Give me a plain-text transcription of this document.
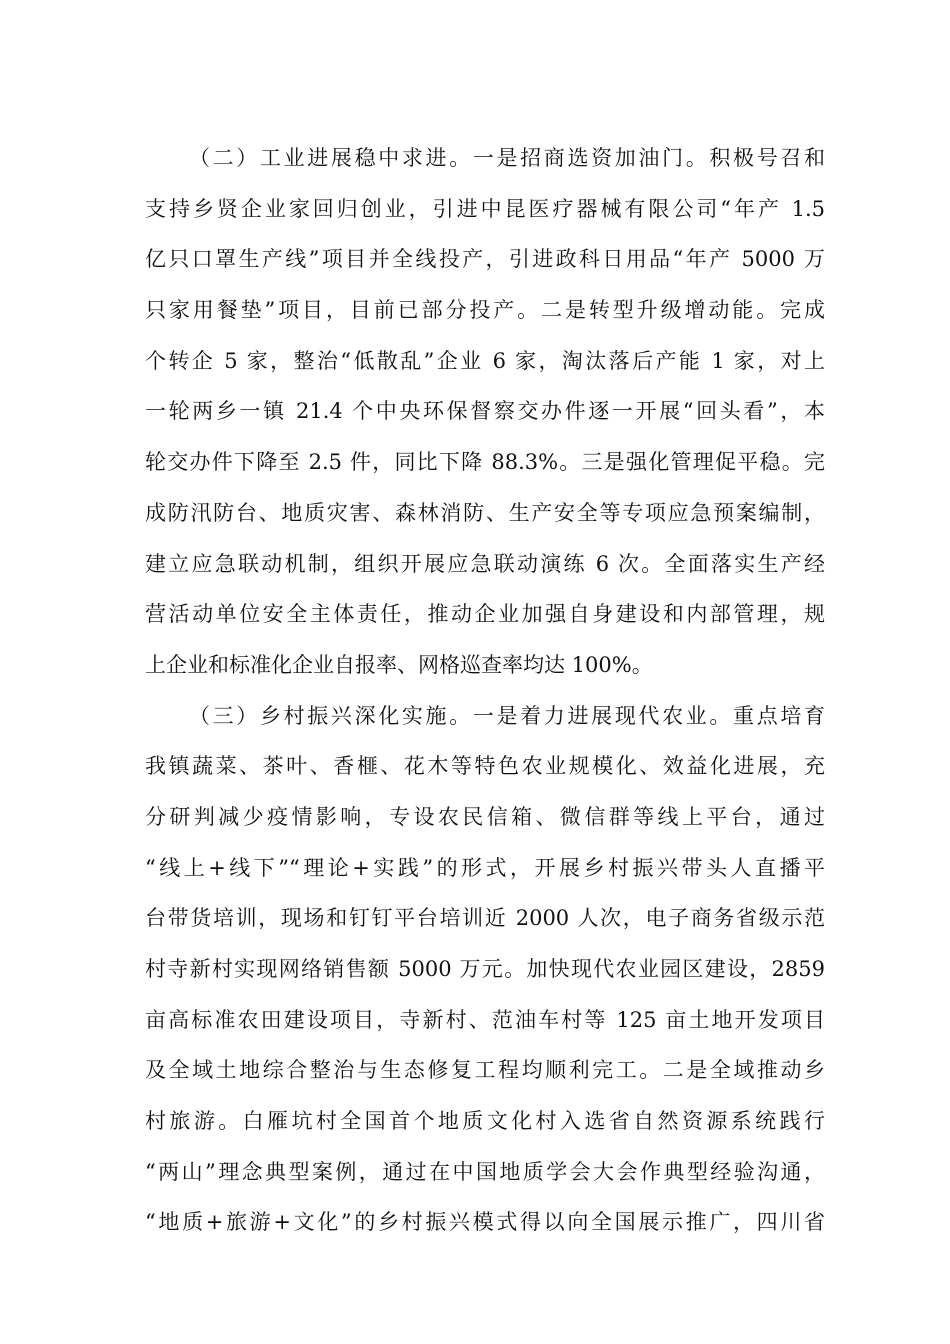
（二）工业进展稳中求进。一是招商选资加油门。积极号召和
支持乡贤企业家回归创业，引进中昆医疗器械有限公司“年产 1.5
亿只口罩生产线”项目并全线投产，引进政科日用品“年产 5000 万
只家用餐垫”项目，目前已部分投产。二是转型升级增动能。完成
个转企 5 家，整治“低散乱”企业 6 家，淘汰落后产能 1 家，对上
一轮两乡一镇 21.4 个中央环保督察交办件逐一开展“回头看”，本
轮交办件下降至 2.5 件，同比下降 88.3%。三是强化管理促平稳。完
成防汛防台、地质灾害、森林消防、生产安全等专项应急预案编制，
建立应急联动机制，组织开展应急联动演练 6 次。全面落实生产经
营活动单位安全主体责任，推动企业加强自身建设和内部管理，规
上企业和标准化企业自报率、网格巡查率均达 100%。
（三）乡村振兴深化实施。一是着力进展现代农业。重点培育
我镇蔬菜、茶叶、香榧、花木等特色农业规模化、效益化进展，充
分研判减少疫情影响，专设农民信箱、微信群等线上平台，通过
“线上+线下”“理论+实践”的形式，开展乡村振兴带头人直播平
台带货培训，现场和钉钉平台培训近 2000 人次，电子商务省级示范
村寺新村实现网络销售额 5000 万元。加快现代农业园区建设，2859
亩高标准农田建设项目，寺新村、范油车村等 125 亩土地开发项目
及全域土地综合整治与生态修复工程均顺利完工。二是全域推动乡
村旅游。白雁坑村全国首个地质文化村入选省自然资源系统践行
“两山”理念典型案例，通过在中国地质学会大会作典型经验沟通，
“地质+旅游+文化”的乡村振兴模式得以向全国展示推广，四川省
